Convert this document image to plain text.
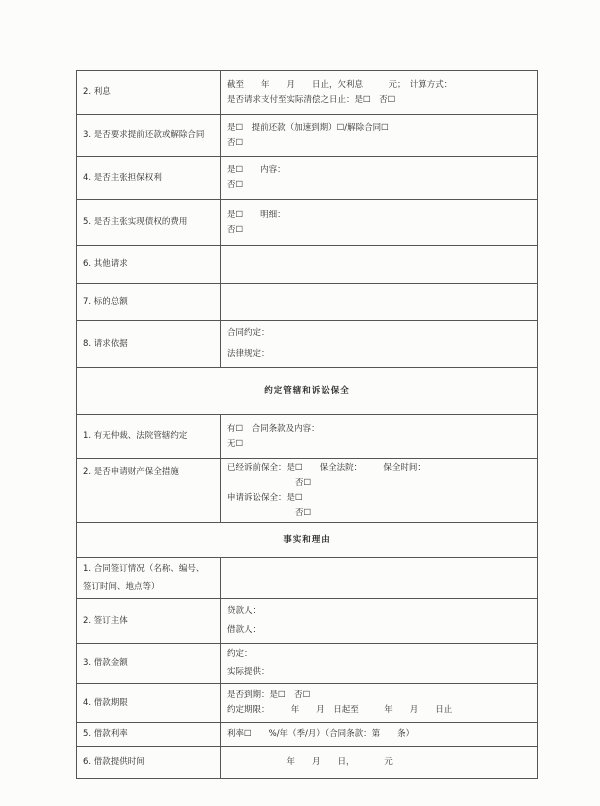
2. 利息	截至　　年　　月　　日止，欠利息　　　元；　计算方式：
是否请求支付至实际清偿之日止：是☐　否☐

3. 是否要求提前还款或解除合同	是☐　提前还款（加速到期）☐/解除合同☐
否☐

4. 是否主张担保权利	是☐　　内容：
否☐

5. 是否主张实现债权的费用	是☐　　明细：
否☐

6. 其他请求	
7. 标的总额	
8. 请求依据	合同约定：
法律规定：

约定管辖和诉讼保全	
1. 有无仲裁、法院管辖约定	有☐　合同条款及内容：
无☐

2. 是否申请财产保全措施	已经诉前保全：是☐　　保全法院：　　　保全时间：
否☐
申请诉讼保全：是☐
否☐

事实和理由	

1. 合同签订情况（名称、编号、
签订时间、地点等）	

2. 签订主体	贷款人：
借款人：

3. 借款金额	约定：
实际提供：

4. 借款期限	是否到期：是☐　否☐
约定期限：　　　年　　月　日起至　　　年　　月　　日止

5. 借款利率	利率☐　　%/年（季/月）（合同条款：第　　条）
6. 借款提供时间	　　　　　　　年　　月　　日，　　　　元
